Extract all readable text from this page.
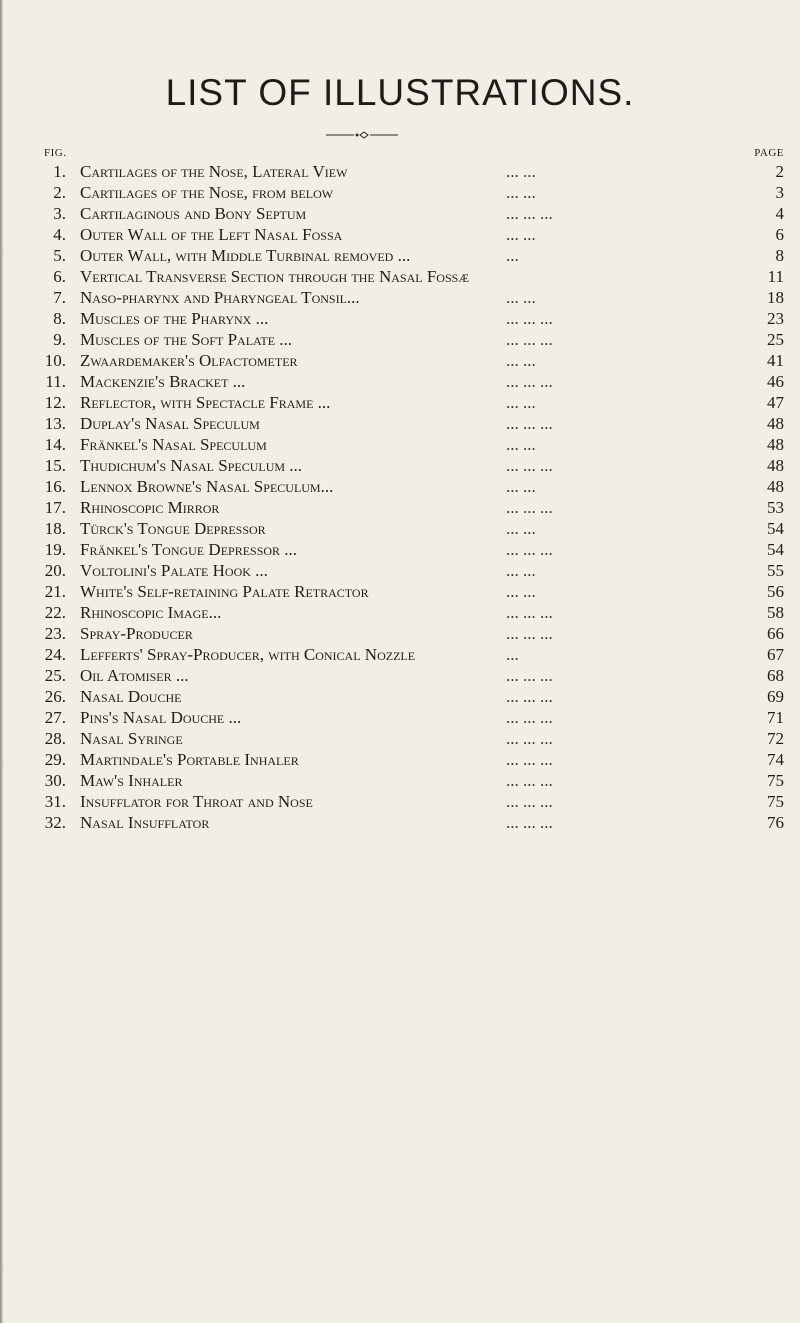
LIST OF ILLUSTRATIONS.
FIG.	PAGE
1. Cartilages of the Nose, Lateral View	... ...	2
2. Cartilages of the Nose, from below	... ...	3
3. Cartilaginous and Bony Septum	... ... ...	4
4. Outer Wall of the Left Nasal Fossa	... ...	6
5. Outer Wall, with Middle Turbinal removed ...	...	8
6. Vertical Transverse Section through the Nasal Fossæ	11
7. Naso-pharynx and Pharyngeal Tonsil...	... ...	18
8. Muscles of the Pharynx ...	... ... ...	23
9. Muscles of the Soft Palate ...	... ... ...	25
10. Zwaardemaker's Olfactometer	... ...	41
11. Mackenzie's Bracket ...	... ... ...	46
12. Reflector, with Spectacle Frame ...	... ...	47
13. Duplay's Nasal Speculum	... ... ...	48
14. Fränkel's Nasal Speculum	... ...	48
15. Thudichum's Nasal Speculum ...	... ... ...	48
16. Lennox Browne's Nasal Speculum...	... ...	48
17. Rhinoscopic Mirror	... ... ...	53
18. Türck's Tongue Depressor	... ...	54
19. Fränkel's Tongue Depressor ...	... ... ...	54
20. Voltolini's Palate Hook ...	... ...	55
21. White's Self-retaining Palate Retractor	... ...	56
22. Rhinoscopic Image...	... ... ...	58
23. Spray-Producer	... ... ...	66
24. Lefferts' Spray-Producer, with Conical Nozzle	...	67
25. Oil Atomiser ...	... ... ...	68
26. Nasal Douche	... ... ...	69
27. Pins's Nasal Douche ...	... ... ...	71
28. Nasal Syringe	... ... ...	72
29. Martindale's Portable Inhaler	... ... ...	74
30. Maw's Inhaler	... ... ...	75
31. Insufflator for Throat and Nose	... ... ...	75
32. Nasal Insufflator	... ... ...	76
